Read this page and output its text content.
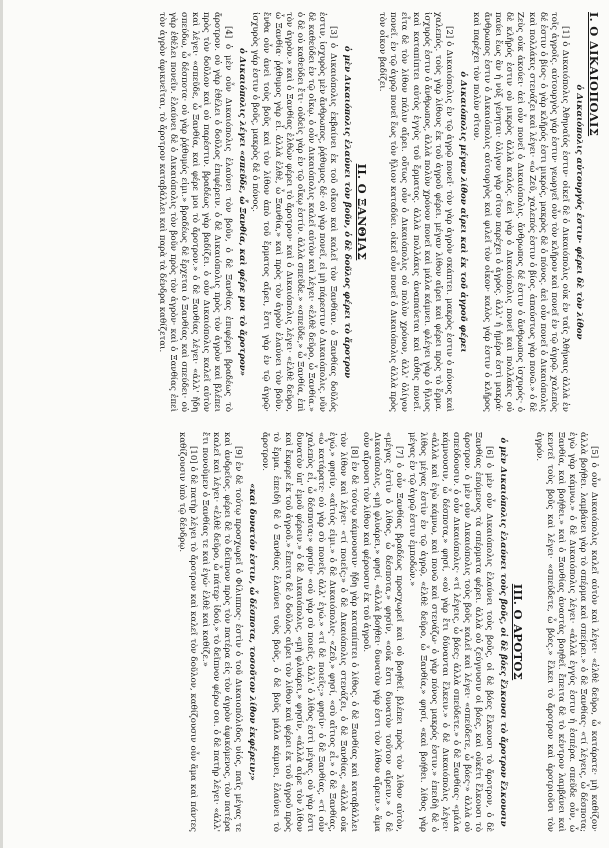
I. Ο ΔΙΚΑΙΟΠΟΛΙΣ
ὁ Δικαιόπολις αὐτουργός ἐστιν· φέρει δὲ τὸν λίθον

[1] ὁ Δικαιόπολις Ἀθηναῖός ἐστιν· οἰκεῖ δὲ ὁ Δικαιόπολις οὐκ ἐν ταῖς Ἀθήναις ἀλλὰ ἐν τοῖς ἀγροῖς. αὐτουργὸς γάρ ἐστιν· γεωργεῖ οὖν τὸν κλῆρον καὶ πονεῖ ἐν τῷ ἀγρῷ. χαλεπὸς δέ ἐστιν ὁ βίος· ὁ γὰρ κλῆρός ἐστι μικρός, μακρὸς δὲ ὁ πόνος. ἀεὶ οὖν πονεῖ ὁ Δικαιόπολις καὶ πολλάκις στενάζει καὶ λέγει· «ὦ Ζεῦ, χαλεπός ἐστιν ὁ βίος. ἀπαύστως γὰρ πονῶ.» ὁ δὲ Ζεὺς οὐκ ἀκούει· ἀεὶ οὖν πονεῖ ὁ Δικαιόπολις. ἄνθρωπος δέ ἐστιν ὁ ἄνθρωπος ἰσχυρός· ὁ δὲ κλῆρός ἐστιν οὐ μικρὸς ἀλλὰ καλός. ἀεὶ γὰρ ὁ Δικαιόπολις πονεῖ καὶ πολλάκις οὐ παύει ἕως ἂν ἡ νὺξ γένηται· ὀλίγον γὰρ σῖτον παρέχει ὁ ἀγρός. ἀλλ' ἡ ἡμέρα ἐστὶ μακρά· ἄνθρωπος ἐστιν ὁ Δικαιόπολις αὐτουργὸς καὶ φιλεῖ τὸν οἶκον· καλὸς γάρ ἐστιν ὁ κλῆρος καὶ παρέχει τὸν πολὺν σῖτον.

ὁ Δικαιόπολις μέγαν λίθον αἴρει καὶ ἐκ τοῦ ἀγροῦ φέρει

[2] ὁ Δικαιόπολις ἐν τῷ ἀγρῷ πονεῖ· τὸν γὰρ ἀγρὸν σκάπτει. μακρὸς ἐστιν ὁ πόνος καὶ χαλεπός. τοὺς γὰρ λίθους ἐκ τοῦ ἀγροῦ φέρει. μέγαν λίθον αἴρει καὶ φέρει πρὸς τὸ ἕρμα. ἰσχυρός ἐστιν ὁ ἄνθρωπος, ἀλλὰ πολὺν χρόνον πονεῖ καὶ μάλα κάμνει. φλέγει γὰρ ὁ ἥλιος καὶ καταπίπτει αὐτὸς ἐγγὺς τοῦ ἕρματος. ἀλλὰ πολλάκις ἀναπαύεται καὶ αὖθις πονεῖ. εἶτα δὲ τὸν λίθον πάλιν αἴρει. οὕτως οὖν ὁ Δικαιόπολις οὐ πολὺν χρόνον, ἀλλ' ὀλίγον πονεῖ. ἐν τῷ ἀγρῷ πονεῖ ἕως τὸν ἥλιον καταδύει. οἰκεῖ οὖν πονεῖ ὁ Δικαιόπολις ἀλλὰ πρὸς τὸν οἶκον βαδίζει.

II. Ο ΞΑΝΘΙΑΣ
ὁ μὲν Δικαιόπολις ἐλαύνει τὸν βοῦν, ὁ δὲ δοῦλος φέρει τὸ ἄροτρον

[3] ὁ Δικαιόπολις ἐκβαίνει ἐκ τοῦ οἴκου καὶ καλεῖ τὸν Ξανθίαν. ὁ Ξανθίας δοῦλός ἐστιν, ἰσχυρὸς μὲν ἄνθρωπος, ῥᾴθυμος δέ· οὐ γὰρ πονεῖ, εἰ μὴ πάρεστιν ὁ Δικαιόπολις. νῦν δὲ καθεύδει ἐν τῷ οἴκῳ. ὁ οὖν Δικαιόπολις καλεῖ αὐτὸν καὶ λέγει· «ἐλθὲ δεῦρο, ὦ Ξανθία.» ὁ δὲ οὐ καθεύδει ἔτι· οὐδεὶς γὰρ ἐν τῷ οἴκῳ ἐστίν. ἀλλὰ σπεῦδε.» «σπεῦδε,» ὦ Ξανθία, ἐπὶ τὸν ἀγρὸν.» καὶ ὁ Ξανθίας ἐλθὼν φέρει τὸ ἄροτρον· καὶ ὁ Δικαιόπολις λέγει· «ἐλθὲ δεῦρο, ὦ Ξανθία· ῥᾴθυμος γὰρ εἶ. ἀλλὰ ἐλθὲ, ὦ Ξανθία,» καὶ πρὸς τὸν ἀγρὸν ἐλαύνει τὸν βοῦν. ἔνθα οὖν ἀνεὶ τοὺς βοῦς καὶ τὸν λίθον ἀπὸ τοῦ ἕρματος αἴρει, ἔστι γὰρ ἐν τῷ ἀγρῷ· ἰσχυρὸς γάρ ἐστιν ὁ βοῦς, μακρὸς δὲ ὁ πόνος.

ὁ Δικαιόπολις λέγει «σπεῦδε, ὦ Ξανθία, καὶ φέρε μοι τὸ ἄροτρον»

[4] ὁ μὲν οὖν Δικαιόπολις ἐλαύνει τὸν βοῦν, ὁ δὲ Ξανθίας ἐπιφέρει βραδέως τὸ ἄροτρον. οὐ γὰρ ἐθέλει ὁ δοῦλος ἐπιφέρειν. ὁ δὲ Δικαιόπολις πρὸς τὸν ἀγρὸν καὶ βλέπει πρὸς τὸν δοῦλον καὶ οὐ παρέστιν. βραδέως γὰρ βαδίζει. ὁ οὖν Δικαιόπολις καλεῖ αὐτὸν καὶ λέγει· «σπεῦδε, ὦ Ξανθία, καὶ φέρε μοι τὸ ἄροτρον.» ὁ δὲ Ξανθίας λέγει· «ἀλλ' ἤδη σπεύδω, ὦ δέσποτα· οὐ γὰρ ῥᾴθυμός εἰμι.» βραδέως δὲ ἔρχεται ὁ Ξανθίας καὶ σπεύδει· οὐ γὰρ ἐθέλει πονεῖν. ἐλαύνει δὲ ὁ Δικαιόπολις τὸν βοῦν πρὸς τὸν ἀγρὸν· καὶ ὁ Ξανθίας ἐπεὶ τὸν ἀγρὸν ἀφικνεῖται, τὸ ἄροτρον καταβάλλει καὶ παρὰ τὰ δένδρα καθίζεται.

[5] ὁ οὖν Δικαιόπολις καλεῖ αὐτὸν καὶ λέγει· «ἐλθὲ δεῦρο, ὦ κατάρατε· μὴ καθίζου· ἀλλὰ βοήθει. λαμβάνει γὰρ τὸ σπέρμα καὶ σπείρει.» ὁ δὲ Ξανθίας· «τί λέγεις, ὦ δέσποτα; ἐγὼ γὰρ κάμνω.» ὁ δὲ Δικαιόπολις λέγει· «ἀλλὰ ἐγγύς ἐστιν ἡ ἑσπέρα. σπεῦδε οὖν, ὦ Ξανθία, καὶ βοήθει.» καὶ ὁ Ξανθίας ἀναστὰς βοηθεῖ. ἔπειτα δὲ τὸ κέντρον λαμβάνει καὶ κεντεῖ τοὺς βοῦς καὶ λέγει· «σπεύδετε, ὦ βόες.» ἕλκει τὸ ἄροτρον καὶ ἀροτριοῦσι τὸν ἀγρόν.

III. Ο ΑΡΟΤΟΣ
ὁ μὲν Δικαιόπολις ἐλαύνει τοὺς βοῦς, οἱ δὲ βόες ἕλκουσι τὸ ἄροτρον ἕλκουσιν

[6] ὁ μὲν οὖν Δικαιόπολις ἐλαύνει τοὺς βοῦς, οἱ δὲ βόες ἕλκουσι τὸ ἄροτρον, ὁ δὲ Ξανθίας ἑπόμενος τὰ σπέρματα φέρει. ἀλλὰ οὐ ζεύγνυσιν οἱ βόες, καὶ οὐκέτι ἕλκουσι τὸ ἄροτρον. ὁ μὲν οὖν Δικαιόπολις τοὺς βοῦς καλεῖ καὶ λέγει· «σπεύδετε, ὦ βόες·» ἀλλὰ οὐ σπεύδουσιν. ὁ οὖν Δικαιόπολις· «τί λέγεις, ὦ βόες; ἀλλὰ σπεύδετε.» ὁ δὲ Ξανθίας· «μάλα κάμνουσιν, ὦ δέσποτα,» φησί, «οὐ γὰρ ἔτι δύνανται ἕλκειν.» ὁ δὲ Δικαιόπολις λέγει· «ἀλλὰ καὶ ἐγὼ κάμνω, καὶ πονῶ καὶ στενάζω· ὁ γὰρ πόνος μακρός ἐστιν.» ἐπειδὴ δὲ ὁ λίθος μέγας ἐστὶν ἐν τῷ ἀγρῷ, «ἐλθὲ δεῦρο, ὦ Ξανθία,» φησί, «καὶ βοήθει. λίθος γὰρ μέγας ἐν τῷ ἀγρῷ ἐστιν ἐμποδών.»

[7] ὁ οὖν Ξανθίας βραδέως προσχωρεῖ καὶ οὐ βοηθεῖ. βλέπει πρὸς τὸν λίθον αὐτὸν, «μέγας ἐστὶν ὁ λίθος, ὦ δέσποτα,» φησίν, «οὐκ ἔστι δυνατὸν τοῦτον αἴρειν.» ὁ δὲ Δικαιόπολις, «μὴ φλυάρει,» φησί, «ἀλλὰ βοήθει· δυνατὸν γάρ ἐστι τὸν λίθον αἴρειν.» ἅμα οὖν αἴρουσι τὸν λίθον καὶ φέρουσιν ἐκ τοῦ ἀγροῦ.

[8] ἐν δὲ τούτῳ κάμνουσιν· ἤδη γὰρ καταπίπτει ὁ λίθος. ὁ δὲ Ξανθίας καὶ καταβάλλει τὸν λίθον καὶ λέγει· «τί ποιεῖς;» ὁ δὲ Δικαιόπολις στενάζει, ὁ δὲ Ξανθίας, «ἀλλὰ οὐκ ἐγώ,» φησίν, «αἴτιός εἰμι.» ὁ δὲ Δικαιόπολις· «Ζεῦ,» φησί, «σὺ αἴτιος εἶ.» ὁ δὲ Ξανθίας, «ὦ κατάρατε· οὐ γὰρ σὺ πονεῖς ἀλλ' ἐγώ.» «τί δὲ ποιεῖς;» φησίν· ὁ δὲ Ξανθίας, «τί οὖν χαλεπὸς εἶ, ὦ δέσποτα;» φησίν· «οὐ γὰρ σὺ ποιεῖς, ἀλλ' ὁ λίθος ἐστὶ μέγας. οὐ γὰρ ἐστι δυνατὸν ὑπ' ἐμοῦ φέρειν.» ὁ δὲ Δικαιόπολις, «μὴ φλυάρει,» φησίν, «ἀλλὰ αἶρε τὸν λίθον καὶ ἔκφερε ἐκ τοῦ ἀγροῦ.» ἔπειτα δὲ ὁ δοῦλος αἴρει τὸν λίθον καὶ φέρει ἐκ τοῦ ἀγροῦ πρὸς τὸ ἕρμα. ἐπειδὴ δὲ ὁ Ξανθίας ἐλαύνει τοὺς βοῦς, ὁ δὲ βοῦς μάλα κάμνει, ἐλαύνει τὸ ἄροτρον.

«καὶ δυνατόν ἐστιν, ὦ δέσποτα, τοσοῦτον λίθον ἐκφέρειν;»

[9] ἐν δὲ τούτῳ προσχωρεῖ ὁ Φίλιππος· ἐστὶν ὁ τοῦ Δικαιοπόλιδος υἱός, παῖς μέγας τε καὶ ἀνδρεῖος. φέρει δὲ τὸ δεῖπνον πρὸς τὸν πατέρα εἰς τὸν ἀγρὸν ἀφικόμενος, τὸν πατέρα καλεῖ καὶ λέγει· «ἐλθὲ δεῦρο, ὦ πάτερ· ἰδού,» τὸ δεῖπνον φέρω σοι. ὁ δὲ πατὴρ λέγει· «ἀλλ' ἔτι πονοῦμεν ὁ Ξανθίας τε καὶ ἐγώ· ἐλθὲ καὶ καθίζε.»

[10] ὁ δὲ πατὴρ λέγει τὸ ἄροτρον καὶ καλεῖ τὸν δοῦλον, καθίζουσιν οὖν ἅμα καὶ πάντες καθίζουσιν ὑπὸ τῷ δένδρῳ.
